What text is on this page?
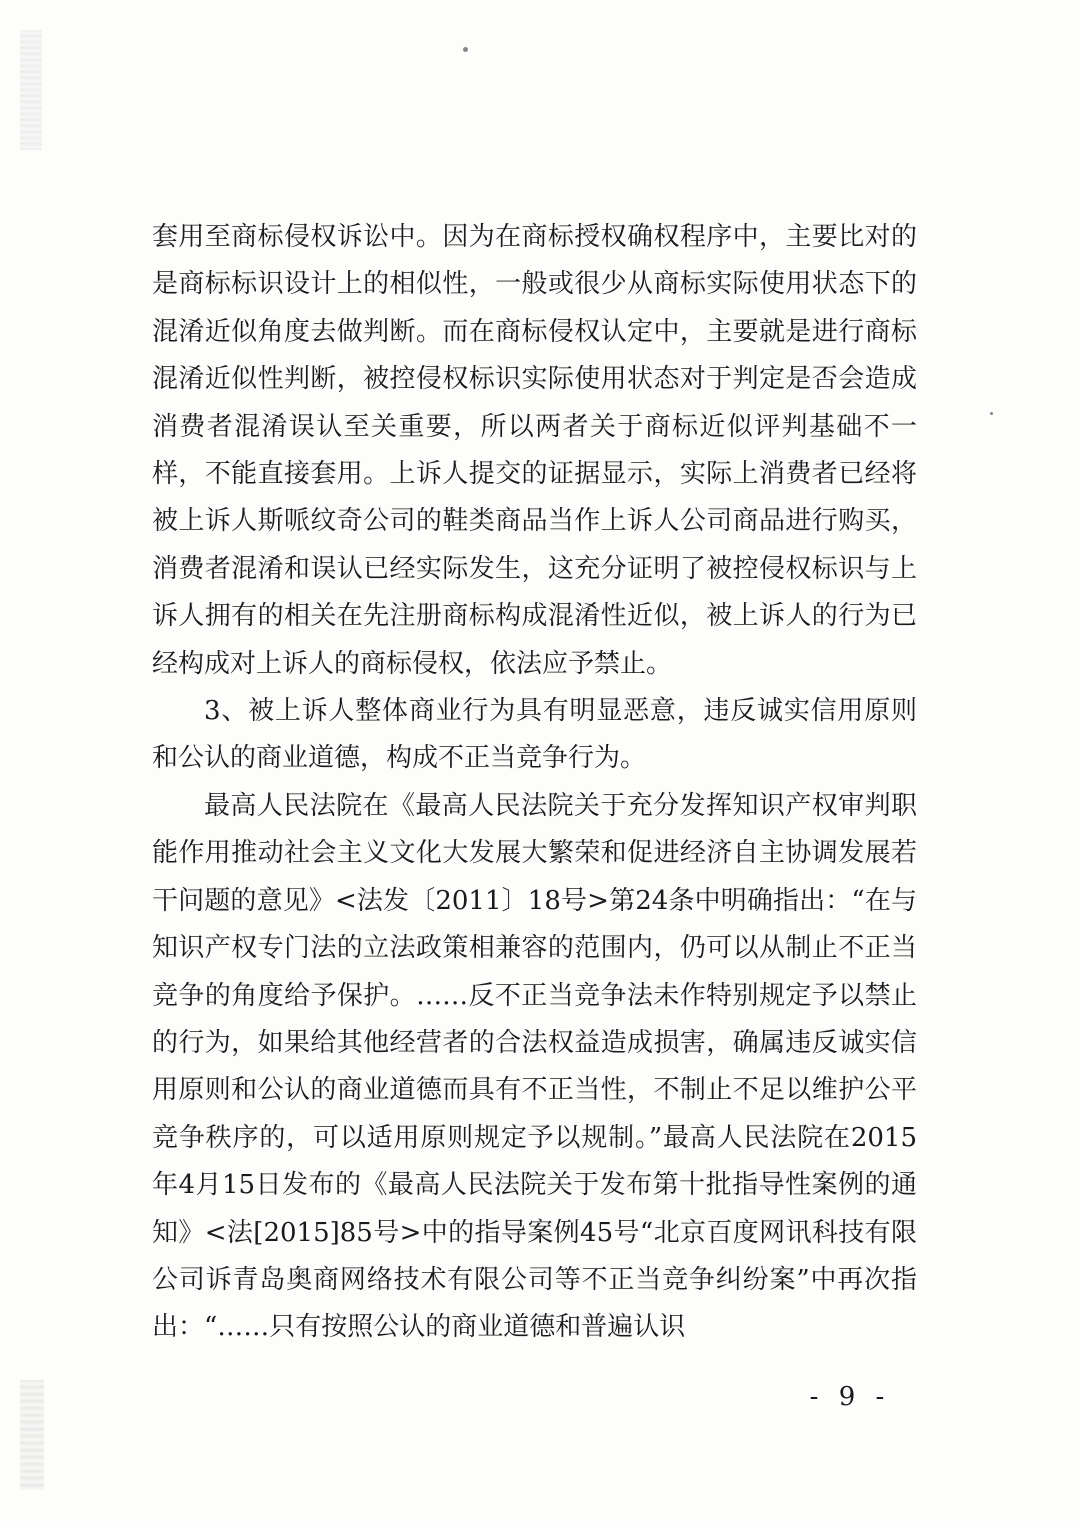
套用至商标侵权诉讼中。因为在商标授权确权程序中，主要比对的是商标标识设计上的相似性，一般或很少从商标实际使用状态下的混淆近似角度去做判断。而在商标侵权认定中，主要就是进行商标混淆近似性判断，被控侵权标识实际使用状态对于判定是否会造成消费者混淆误认至关重要，所以两者关于商标近似评判基础不一样，不能直接套用。上诉人提交的证据显示，实际上消费者已经将被上诉人斯哌纹奇公司的鞋类商品当作上诉人公司商品进行购买，消费者混淆和误认已经实际发生，这充分证明了被控侵权标识与上诉人拥有的相关在先注册商标构成混淆性近似，被上诉人的行为已经构成对上诉人的商标侵权，依法应予禁止。

3、被上诉人整体商业行为具有明显恶意，违反诚实信用原则和公认的商业道德，构成不正当竞争行为。

最高人民法院在《最高人民法院关于充分发挥知识产权审判职能作用推动社会主义文化大发展大繁荣和促进经济自主协调发展若干问题的意见》<法发〔2011〕18号>第24条中明确指出：“在与知识产权专门法的立法政策相兼容的范围内，仍可以从制止不正当竞争的角度给予保护。……反不正当竞争法未作特别规定予以禁止的行为，如果给其他经营者的合法权益造成损害，确属违反诚实信用原则和公认的商业道德而具有不正当性，不制止不足以维护公平竞争秩序的，可以适用原则规定予以规制。”最高人民法院在2015年4月15日发布的《最高人民法院关于发布第十批指导性案例的通知》<法[2015]85号>中的指导案例45号“北京百度网讯科技有限公司诉青岛奥商网络技术有限公司等不正当竞争纠纷案”中再次指出：“……只有按照公认的商业道德和普遍认识

- 9 -
